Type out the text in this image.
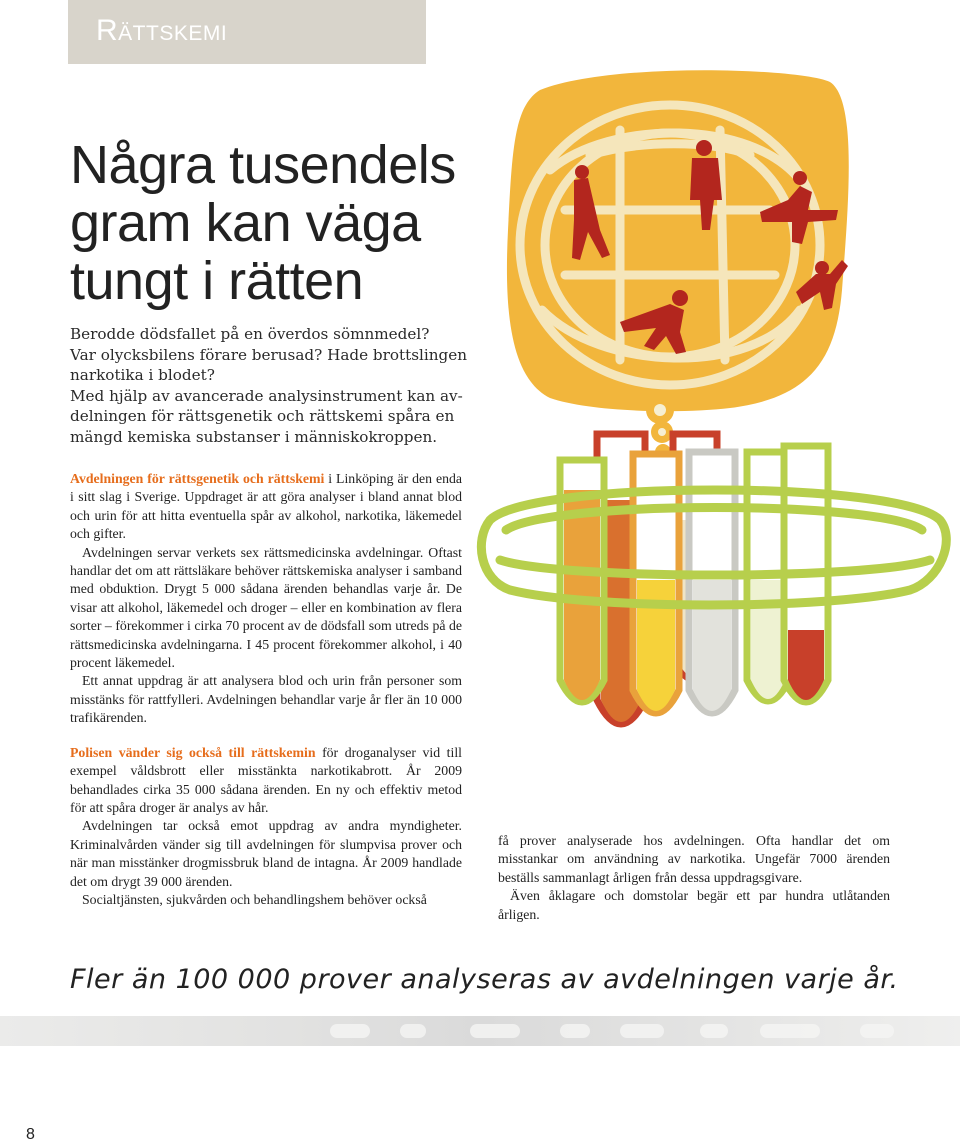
Rättskemi
Några tusendels
gram kan väga
tungt i rätten
Berodde dödsfallet på en överdos sömnmedel?
Var olycksbilens förare berusad? Hade brottslingen
narkotika i blodet?
Med hjälp av avancerade analysinstrument kan av-
delningen för rättsgenetik och rättskemi spåra en
mängd kemiska substanser i människokroppen.

Avdelningen för rättsgenetik och rättskemi i Linköping är den enda i sitt slag i Sverige. Uppdraget är att göra analyser i bland annat blod och urin för att hitta eventuella spår av alkohol, narkotika, läkemedel och gifter.

Avdelningen servar verkets sex rättsmedicinska avdelningar. Oftast handlar det om att rättsläkare behöver rättskemiska analyser i samband med obduktion. Drygt 5 000 sådana ärenden behandlas varje år. De visar att alkohol, läkemedel och droger – eller en kombination av flera sorter – förekommer i cirka 70 procent av de dödsfall som utreds på de rättsmedicinska avdelningarna. I 45 procent förekommer alkohol, i 40 procent läkemedel.

Ett annat uppdrag är att analysera blod och urin från personer som misstänks för rattfylleri. Avdelningen behandlar varje år fler än 10 000 trafikärenden.

Polisen vänder sig också till rättskemin för droganalyser vid till exempel våldsbrott eller misstänkta narkotikabrott. År 2009 behandlades cirka 35 000 sådana ärenden. En ny och effektiv metod för att spåra droger är analys av hår.

Avdelningen tar också emot uppdrag av andra myndigheter. Kriminalvården vänder sig till avdelningen för slumpvisa prover och när man misstänker drogmissbruk bland de intagna. År 2009 handlade det om drygt 39 000 ärenden.

Socialtjänsten, sjukvården och behandlingshem behöver också

få prover analyserade hos avdelningen. Ofta handlar det om misstankar om användning av narkotika. Ungefär 7000 ärenden beställs sammanlagt årligen från dessa uppdragsgivare.

Även åklagare och domstolar begär ett par hundra utlåtanden årligen.

Fler än 100 000 prover analyseras av avdelningen varje år.

8
